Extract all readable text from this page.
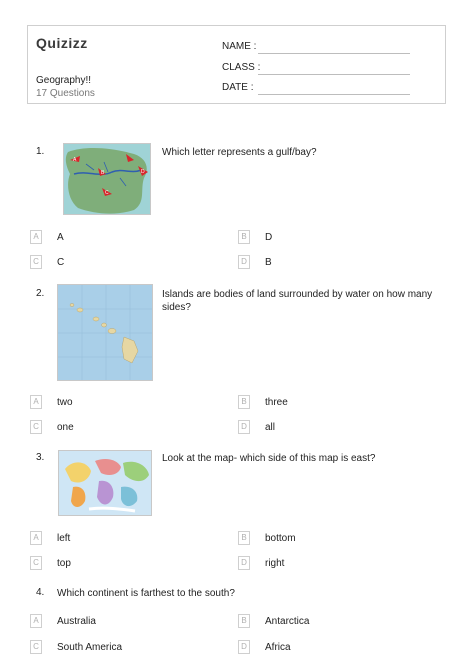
Quizizz
Geography!!
17 Questions
NAME :
CLASS :
DATE :
1.
A
B
C
D
Which letter represents a gulf/bay?
A	A	B	D
C	C	D	B
2.	Islands are bodies of land surrounded by water on how many sides?
A	two	B	three
C	one	D	all
3.	Look at the map- which side of this map is east?
A	left	B	bottom
C	top	D	right
4. Which continent is farthest to the south?
A	Australia	B	Antarctica
C	South America	D	Africa
